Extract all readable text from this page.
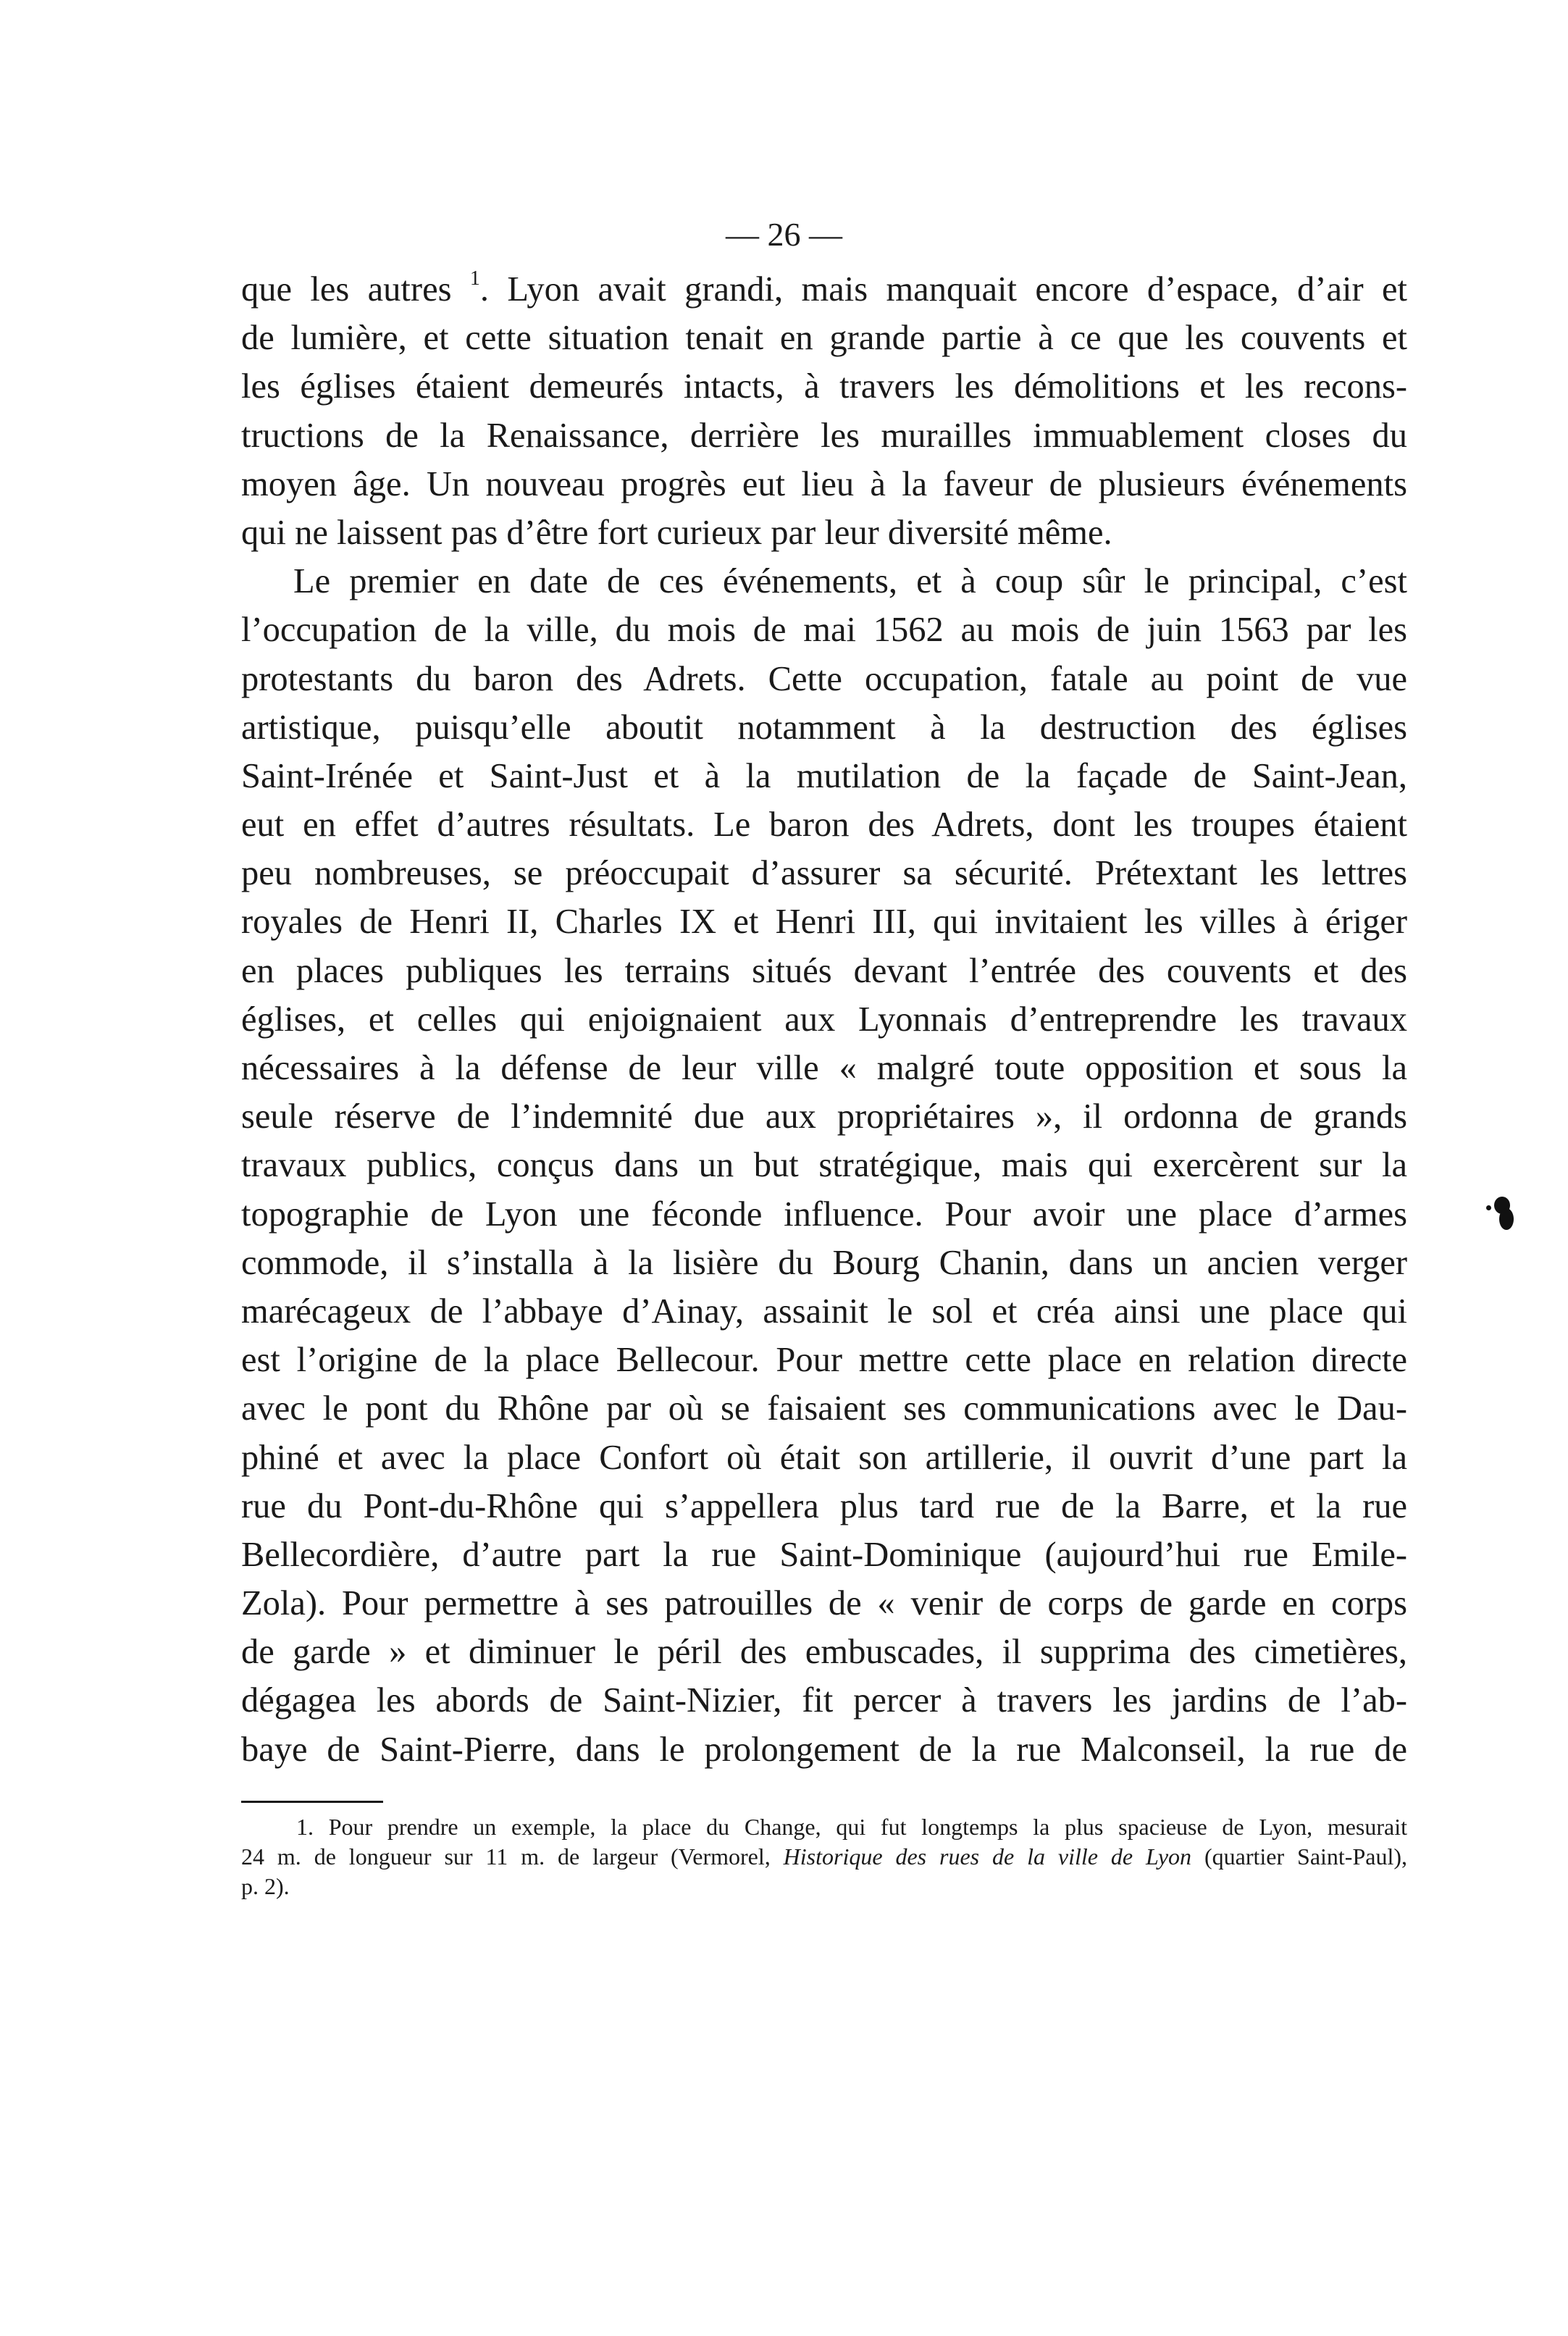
— 26 —
que les autres $^1$. Lyon avait grandi, mais manquait encore d’espace, d’air et
de lumière, et cette situation tenait en grande partie à ce que les couvents et
les églises étaient demeurés intacts, à travers les démolitions et les recons-
tructions de la Renaissance, derrière les murailles immuablement closes du
moyen âge. Un nouveau progrès eut lieu à la faveur de plusieurs événements
qui ne laissent pas d’être fort curieux par leur diversité même.
Le premier en date de ces événements, et à coup sûr le principal, c’est
l’occupation de la ville, du mois de mai 1562 au mois de juin 1563 par les
protestants du baron des Adrets. Cette occupation, fatale au point de vue
artistique, puisqu’elle aboutit notamment à la destruction des églises
Saint-Irénée et Saint-Just et à la mutilation de la façade de Saint-Jean,
eut en effet d’autres résultats. Le baron des Adrets, dont les troupes étaient
peu nombreuses, se préoccupait d’assurer sa sécurité. Prétextant les lettres
royales de Henri II, Charles IX et Henri III, qui invitaient les villes à ériger
en places publiques les terrains situés devant l’entrée des couvents et des
églises, et celles qui enjoignaient aux Lyonnais d’entreprendre les travaux
nécessaires à la défense de leur ville « malgré toute opposition et sous la
seule réserve de l’indemnité due aux propriétaires », il ordonna de grands
travaux publics, conçus dans un but stratégique, mais qui exercèrent sur la
topographie de Lyon une féconde influence. Pour avoir une place d’armes
commode, il s’installa à la lisière du Bourg Chanin, dans un ancien verger
marécageux de l’abbaye d’Ainay, assainit le sol et créa ainsi une place qui
est l’origine de la place Bellecour. Pour mettre cette place en relation directe
avec le pont du Rhône par où se faisaient ses communications avec le Dau-
phiné et avec la place Confort où était son artillerie, il ouvrit d’une part la
rue du Pont-du-Rhône qui s’appellera plus tard rue de la Barre, et la rue
Bellecordière, d’autre part la rue Saint-Dominique (aujourd’hui rue Emile-
Zola). Pour permettre à ses patrouilles de « venir de corps de garde en corps
de garde » et diminuer le péril des embuscades, il supprima des cimetières,
dégagea les abords de Saint-Nizier, fit percer à travers les jardins de l’ab-
baye de Saint-Pierre, dans le prolongement de la rue Malconseil, la rue de
1. Pour prendre un exemple, la place du Change, qui fut longtemps la plus spacieuse de Lyon, mesurait
24 m. de longueur sur 11 m. de largeur (Vermorel, Historique des rues de la ville de Lyon (quartier Saint-Paul),
p. 2).
